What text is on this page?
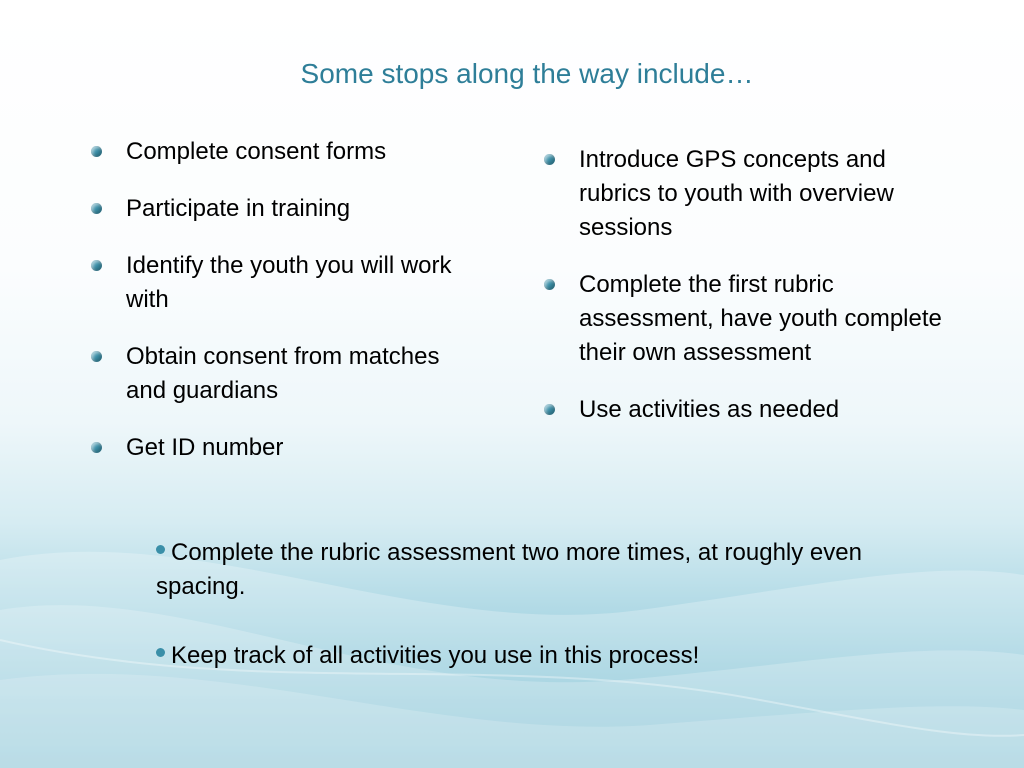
Some stops along the way include…
Complete consent forms
Participate in training
Identify the youth you will work with
Obtain consent from matches and guardians
Get ID number
Introduce GPS concepts and rubrics to youth with overview sessions
Complete the first rubric assessment, have youth complete their own assessment
Use activities as needed
Complete the rubric assessment two more times, at roughly even spacing.
Keep track of all activities you use in this process!
